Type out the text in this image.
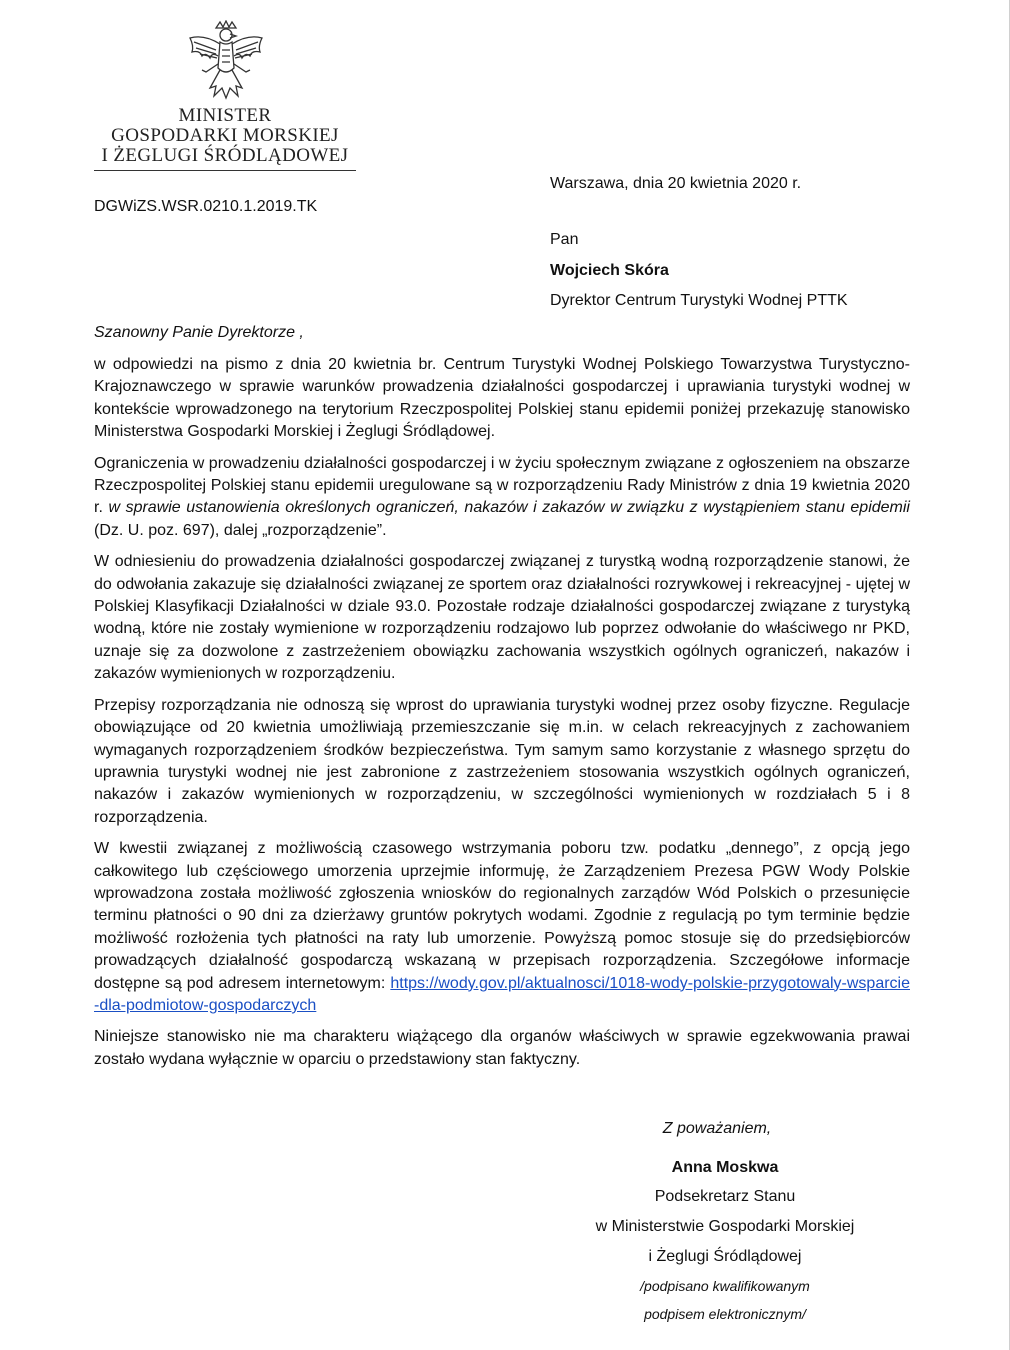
MINISTER
GOSPODARKI MORSKIEJ
I ŻEGLUGI ŚRÓDLĄDOWEJ
Warszawa, dnia 20 kwietnia 2020 r.
DGWiZS.WSR.0210.1.2019.TK
Pan
Wojciech Skóra
Dyrektor Centrum Turystyki Wodnej PTTK
Szanowny Panie Dyrektorze ,

w odpowiedzi na pismo z dnia 20 kwietnia br. Centrum Turystyki Wodnej Polskiego Towarzystwa Turystyczno-Krajoznawczego w sprawie warunków prowadzenia działalności gospodarczej i uprawiania turystyki wodnej w kontekście wprowadzonego na terytorium Rzeczpospolitej Polskiej stanu epidemii poniżej przekazuję stanowisko Ministerstwa Gospodarki Morskiej i Żeglugi Śródlądowej.

Ograniczenia w prowadzeniu działalności gospodarczej i w życiu społecznym związane z ogłoszeniem na obszarze Rzeczpospolitej Polskiej stanu epidemii uregulowane są w rozporządzeniu Rady Ministrów z dnia 19 kwietnia 2020 r. w sprawie ustanowienia określonych ograniczeń, nakazów i zakazów w związku z wystąpieniem stanu epidemii (Dz. U. poz. 697), dalej „rozporządzenie”.

W odniesieniu do prowadzenia działalności gospodarczej związanej z turystką wodną rozporządzenie stanowi, że do odwołania zakazuje się działalności związanej ze sportem oraz działalności rozrywkowej i rekreacyjnej - ujętej w Polskiej Klasyfikacji Działalności w dziale 93.0. Pozostałe rodzaje działalności gospodarczej związane z turystyką wodną, które nie zostały wymienione w rozporządzeniu rodzajowo lub poprzez odwołanie do właściwego nr PKD, uznaje się za dozwolone z zastrzeżeniem obowiązku zachowania wszystkich ogólnych ograniczeń, nakazów i zakazów wymienionych w rozporządzeniu.

Przepisy rozporządzania nie odnoszą się wprost do uprawiania turystyki wodnej przez osoby fizyczne. Regulacje obowiązujące od 20 kwietnia umożliwiają przemieszczanie się m.in. w celach rekreacyjnych z zachowaniem wymaganych rozporządzeniem środków bezpieczeństwa. Tym samym samo korzystanie z własnego sprzętu do uprawnia turystyki wodnej nie jest zabronione z zastrzeżeniem stosowania wszystkich ogólnych ograniczeń, nakazów i zakazów wymienionych w rozporządzeniu, w szczególności wymienionych w rozdziałach 5 i 8 rozporządzenia.

W kwestii związanej z możliwością czasowego wstrzymania poboru tzw. podatku „dennego”, z opcją jego całkowitego lub częściowego umorzenia uprzejmie informuję, że Zarządzeniem Prezesa PGW Wody Polskie wprowadzona została możliwość zgłoszenia wniosków do regionalnych zarządów Wód Polskich o przesunięcie terminu płatności o 90 dni za dzierżawy gruntów pokrytych wodami. Zgodnie z regulacją po tym terminie będzie możliwość rozłożenia tych płatności na raty lub umorzenie. Powyższą pomoc stosuje się do przedsiębiorców prowadzących działalność gospodarczą wskazaną w przepisach rozporządzenia. Szczegółowe informacje dostępne są pod adresem internetowym: https://wody.gov.pl/aktualnosci/1018-wody-polskie-przygotowaly-wsparcie-dla-podmiotow-gospodarczych

Niniejsze stanowisko nie ma charakteru wiążącego dla organów właściwych w sprawie egzekwowania prawai zostało wydana wyłącznie w oparciu o przedstawiony stan faktyczny.

Z poważaniem,
Anna Moskwa
Podsekretarz Stanu
w Ministerstwie Gospodarki Morskiej
i Żeglugi Śródlądowej
/podpisano kwalifikowanym
podpisem elektronicznym/
